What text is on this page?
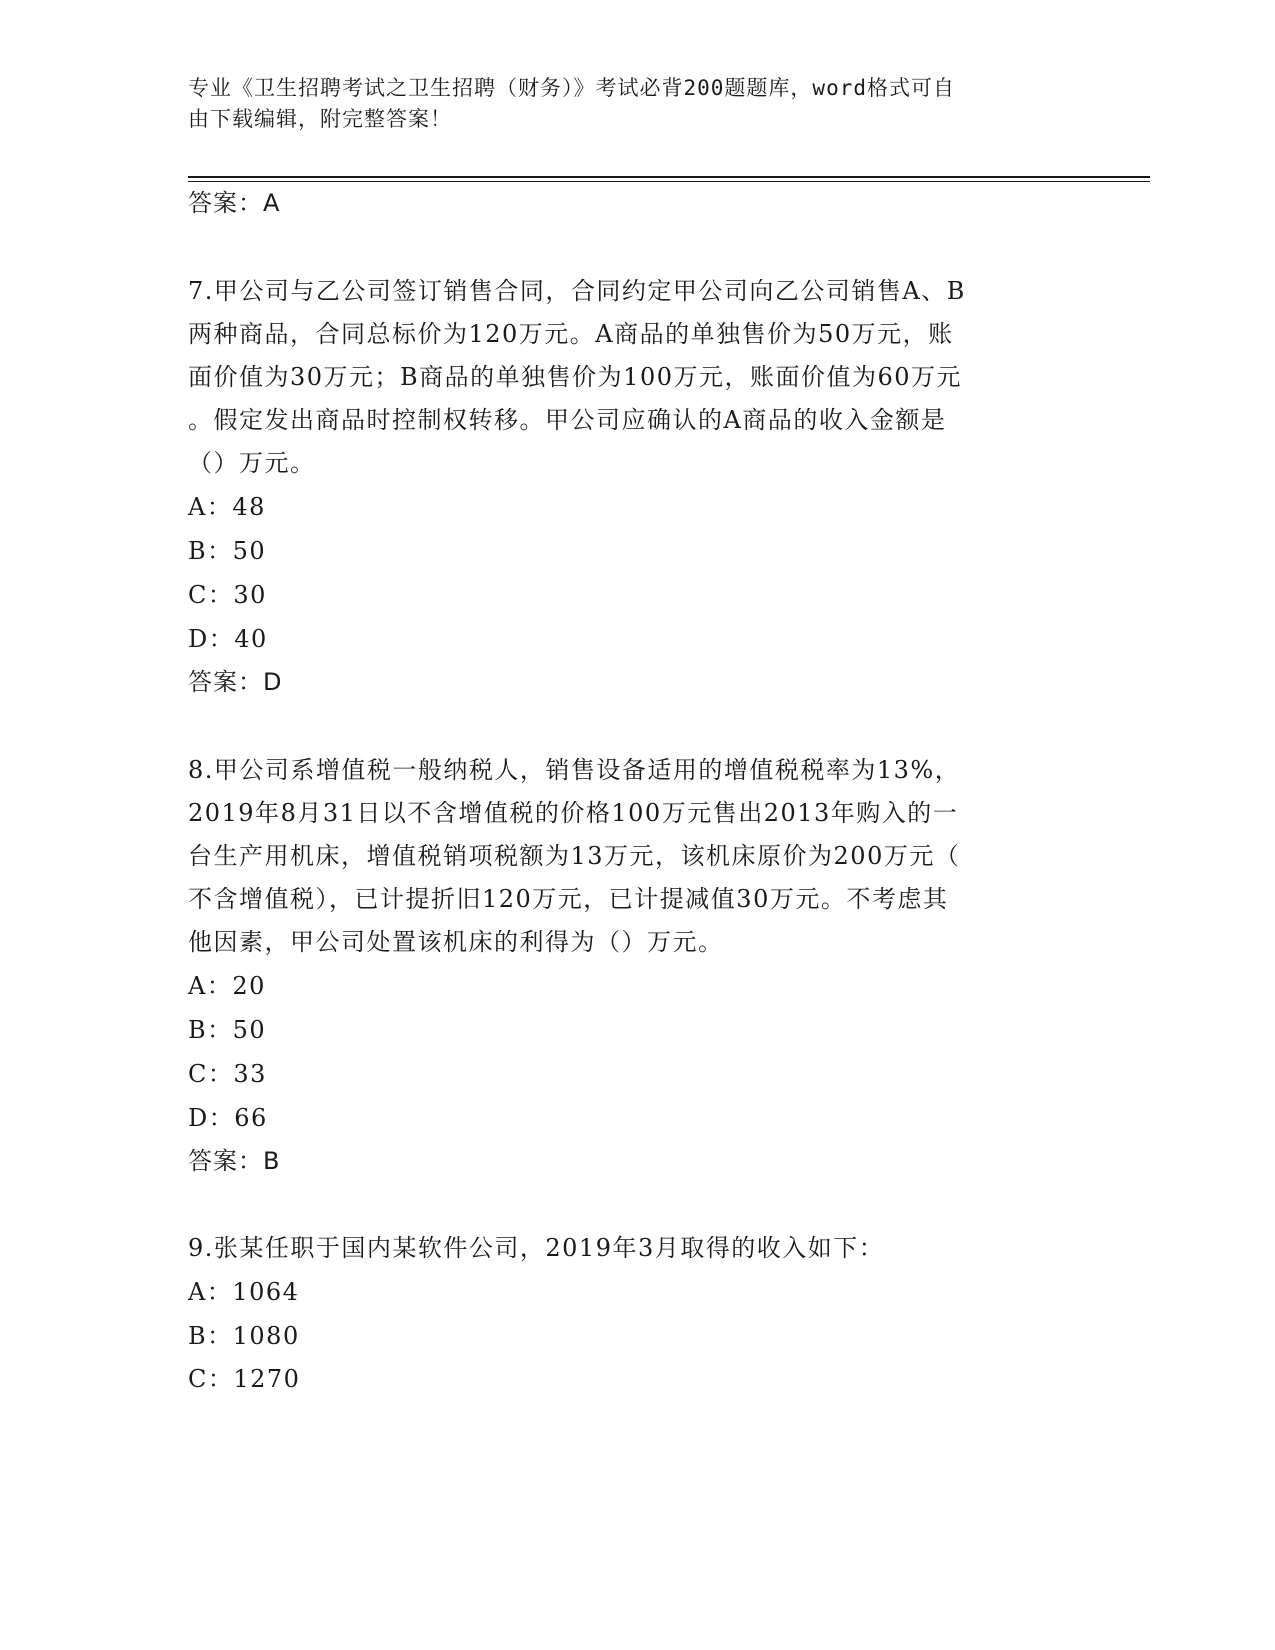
专业《卫生招聘考试之卫生招聘（财务）》考试必背200题题库，word格式可自
由下载编辑，附完整答案！
答案：A
7.甲公司与乙公司签订销售合同，合同约定甲公司向乙公司销售A、B
两种商品，合同总标价为120万元。A商品的单独售价为50万元，账
面价值为30万元；B商品的单独售价为100万元，账面价值为60万元
。假定发出商品时控制权转移。甲公司应确认的A商品的收入金额是
（）万元。
A：48
B：50
C：30
D：40
答案：D
8.甲公司系增值税一般纳税人，销售设备适用的增值税税率为13%，
2019年8月31日以不含增值税的价格100万元售出2013年购入的一
台生产用机床，增值税销项税额为13万元，该机床原价为200万元（
不含增值税），已计提折旧120万元，已计提减值30万元。不考虑其
他因素，甲公司处置该机床的利得为（）万元。
A：20
B：50
C：33
D：66
答案：B
9.张某任职于国内某软件公司，2019年3月取得的收入如下：
A：1064
B：1080
C：1270
